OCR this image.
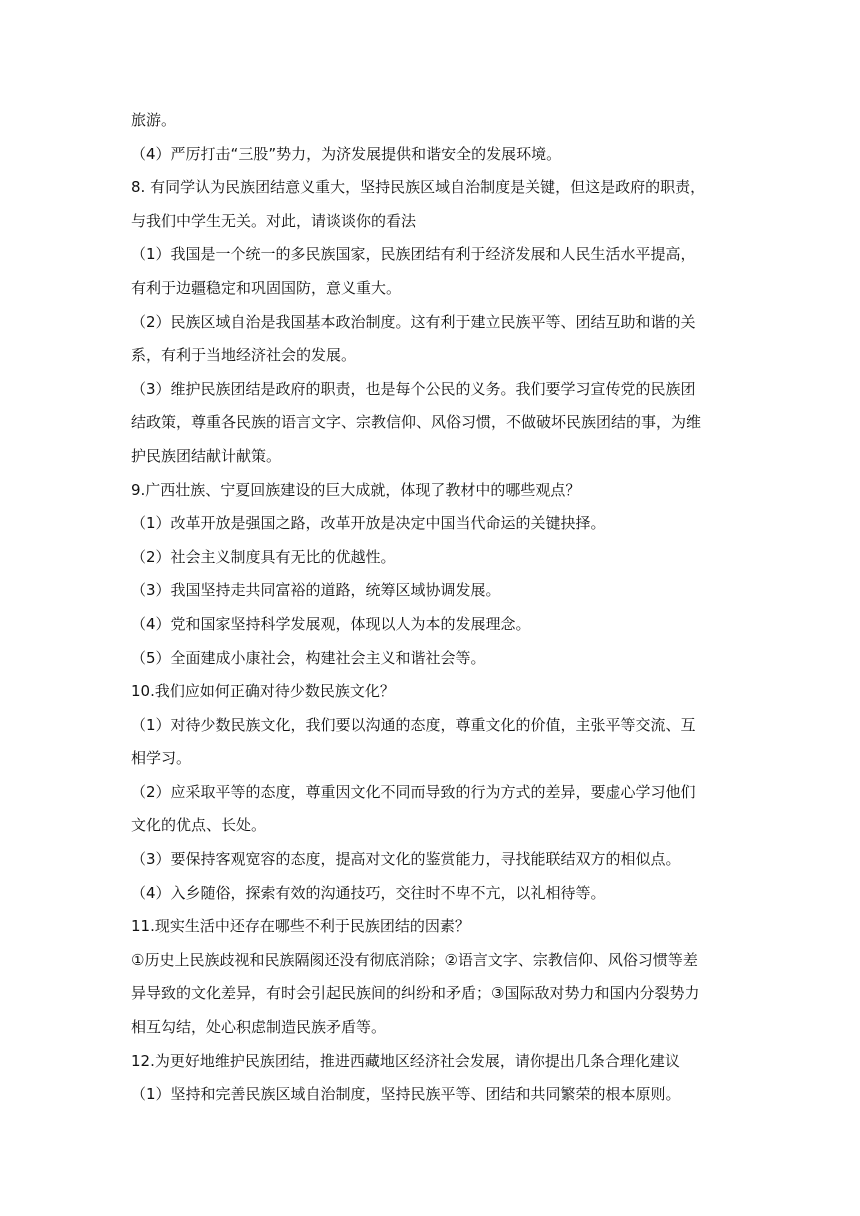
旅游。
（4）严厉打击“三股”势力，为济发展提供和谐安全的发展环境。
8. 有同学认为民族团结意义重大，坚持民族区域自治制度是关键，但这是政府的职责，
与我们中学生无关。对此，请谈谈你的看法
（1）我国是一个统一的多民族国家，民族团结有利于经济发展和人民生活水平提高，
有利于边疆稳定和巩固国防，意义重大。
（2）民族区域自治是我国基本政治制度。这有利于建立民族平等、团结互助和谐的关
系，有利于当地经济社会的发展。
（3）维护民族团结是政府的职责，也是每个公民的义务。我们要学习宣传党的民族团
结政策，尊重各民族的语言文字、宗教信仰、风俗习惯，不做破坏民族团结的事，为维
护民族团结献计献策。
9.广西壮族、宁夏回族建设的巨大成就，体现了教材中的哪些观点？
（1）改革开放是强国之路，改革开放是决定中国当代命运的关键抉择。
（2）社会主义制度具有无比的优越性。
（3）我国坚持走共同富裕的道路，统筹区域协调发展。
（4）党和国家坚持科学发展观，体现以人为本的发展理念。
（5）全面建成小康社会，构建社会主义和谐社会等。
10.我们应如何正确对待少数民族文化？
（1）对待少数民族文化，我们要以沟通的态度，尊重文化的价值，主张平等交流、互
相学习。
（2）应采取平等的态度，尊重因文化不同而导致的行为方式的差异，要虚心学习他们
文化的优点、长处。
（3）要保持客观宽容的态度，提高对文化的鉴赏能力，寻找能联结双方的相似点。
（4）入乡随俗，探索有效的沟通技巧，交往时不卑不亢，以礼相待等。
11.现实生活中还存在哪些不利于民族团结的因素？
①历史上民族歧视和民族隔阂还没有彻底消除；②语言文字、宗教信仰、风俗习惯等差
异导致的文化差异，有时会引起民族间的纠纷和矛盾；③国际敌对势力和国内分裂势力
相互勾结，处心积虑制造民族矛盾等。
12.为更好地维护民族团结，推进西藏地区经济社会发展，请你提出几条合理化建议
（1）坚持和完善民族区域自治制度，坚持民族平等、团结和共同繁荣的根本原则。
